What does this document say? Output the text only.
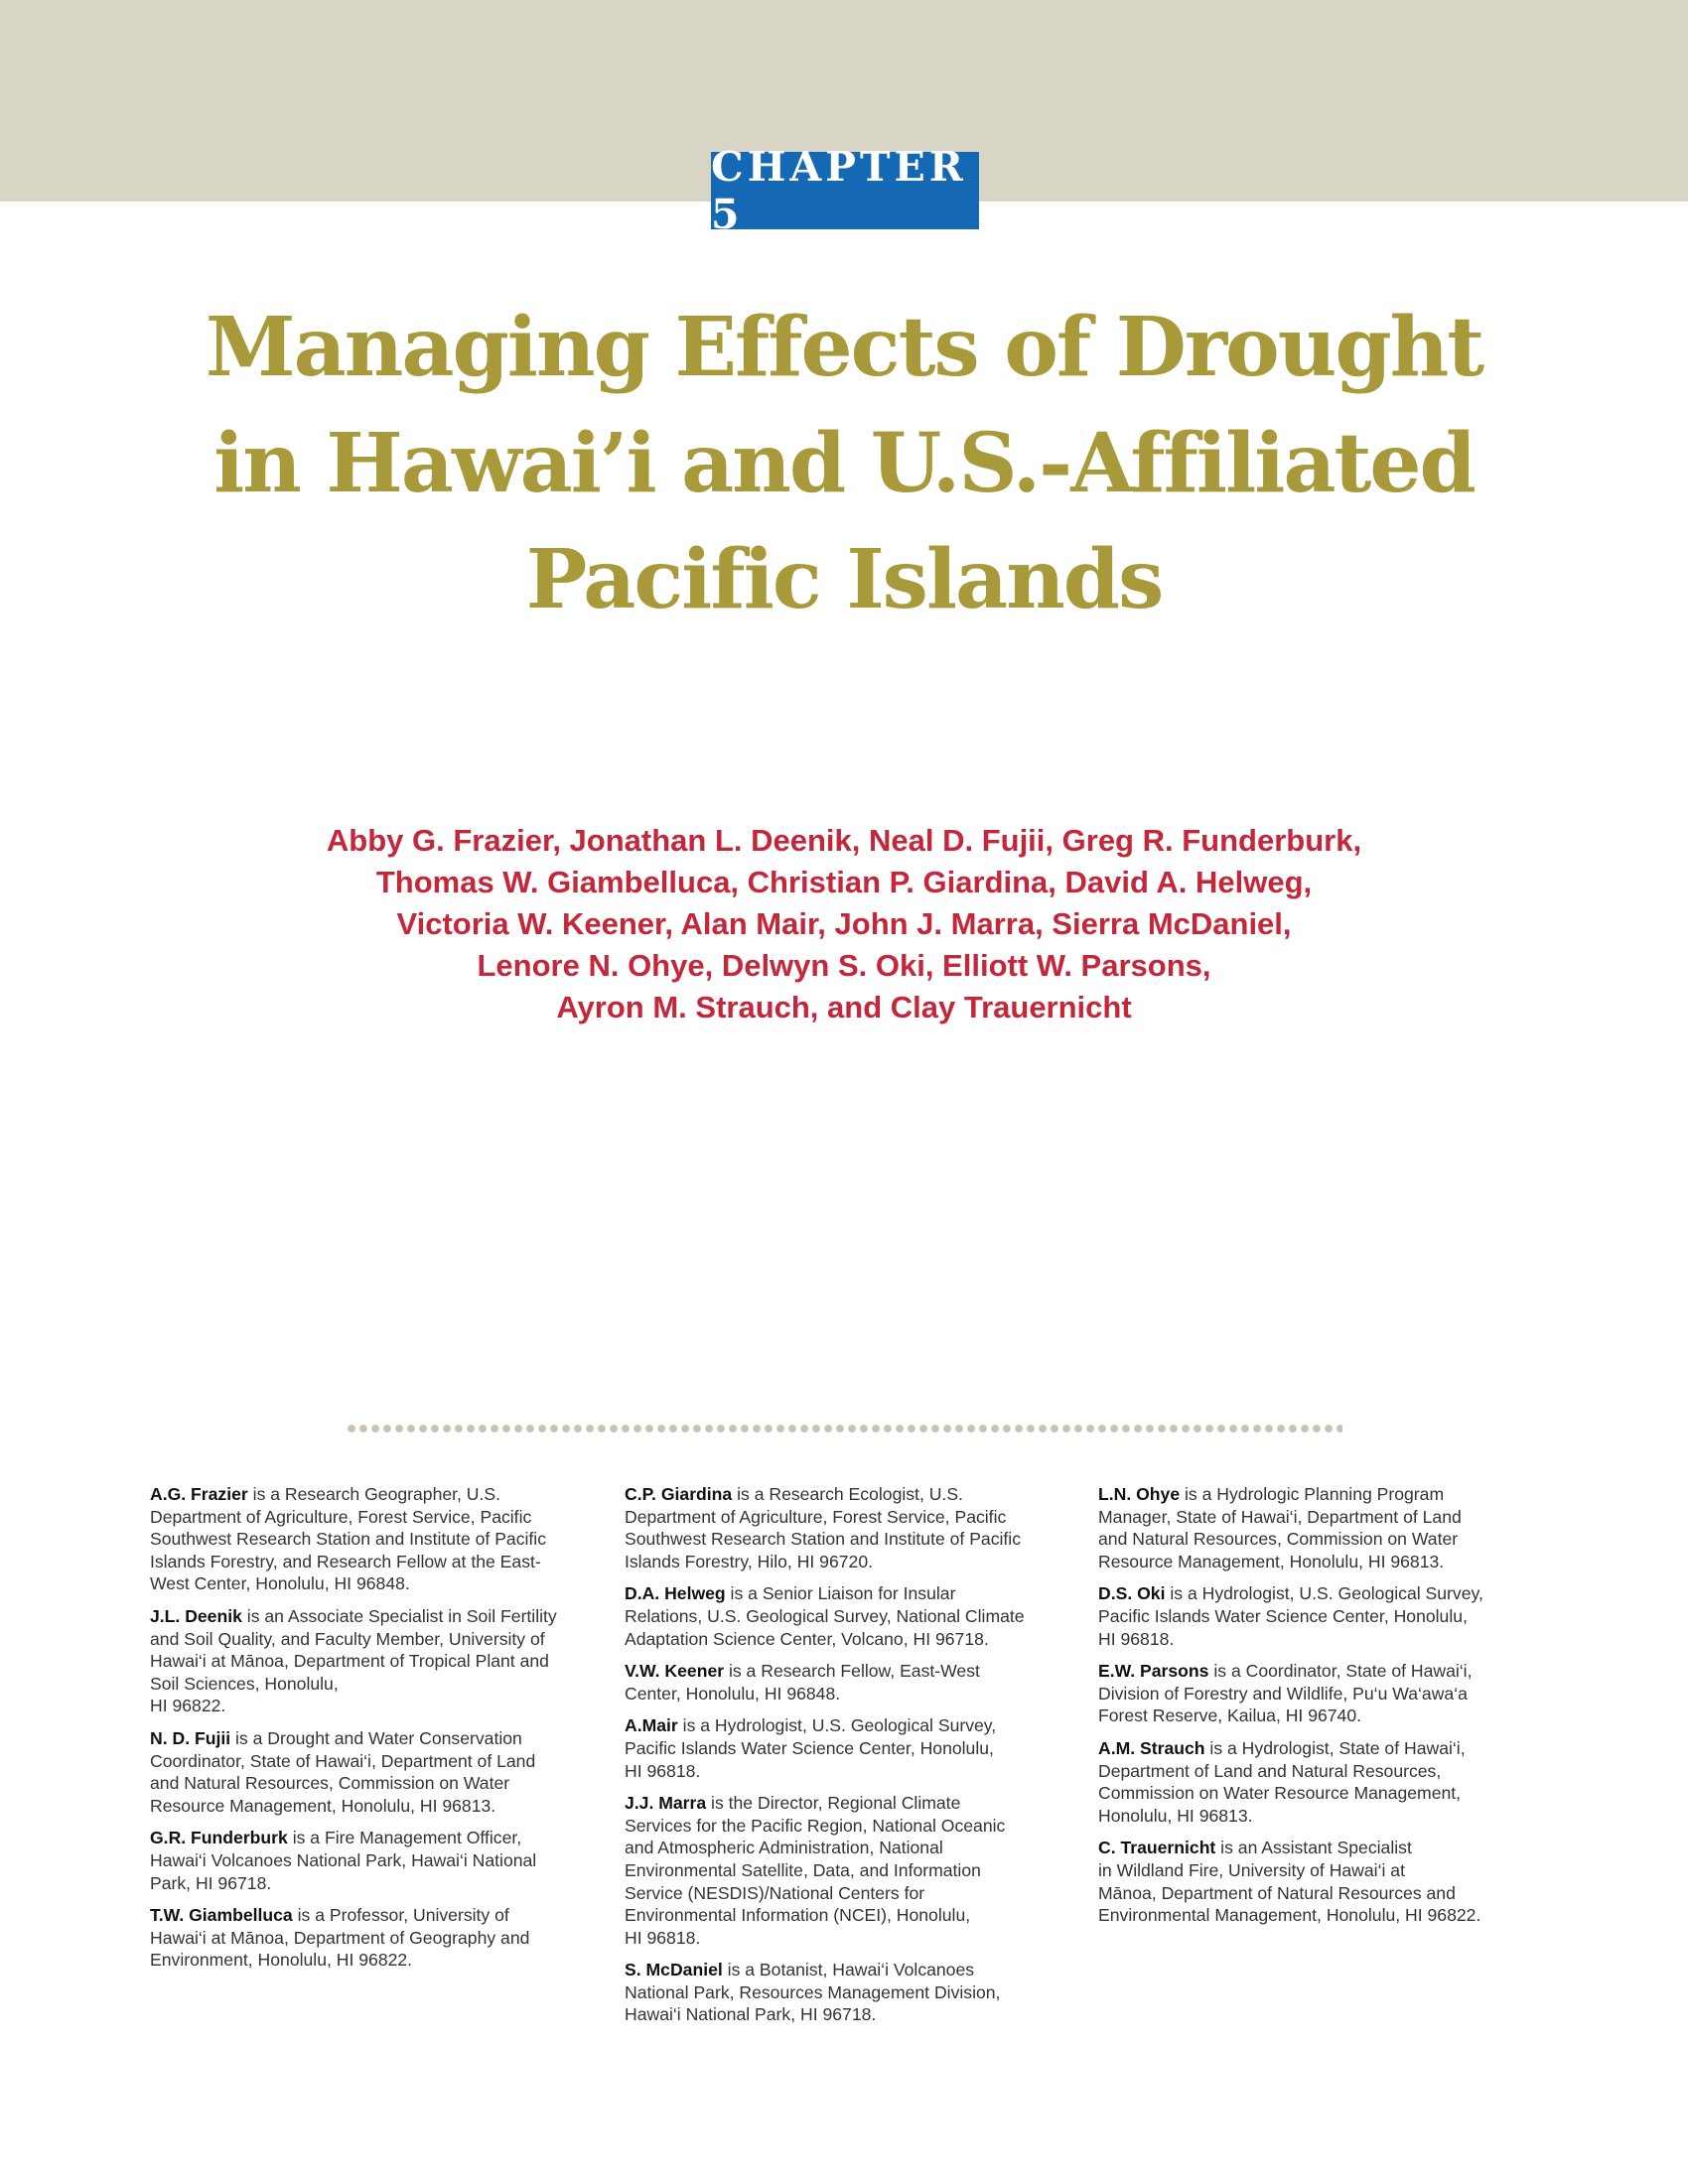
CHAPTER 5
Managing Effects of Drought
in Hawai’i and U.S.-Affiliated
Pacific Islands
Abby G. Frazier, Jonathan L. Deenik, Neal D. Fujii, Greg R. Funderburk,
Thomas W. Giambelluca, Christian P. Giardina, David A. Helweg,
Victoria W. Keener, Alan Mair, John J. Marra, Sierra McDaniel,
Lenore N. Ohye, Delwyn S. Oki, Elliott W. Parsons,
Ayron M. Strauch, and Clay Trauernicht
A.G. Frazier is a Research Geographer, U.S.
Department of Agriculture, Forest Service, Pacific
Southwest Research Station and Institute of Pacific
Islands Forestry, and Research Fellow at the East-
West Center, Honolulu, HI 96848.
J.L. Deenik is an Associate Specialist in Soil Fertility
and Soil Quality, and Faculty Member, University of
Hawai‘i at Mānoa, Department of Tropical Plant and
Soil Sciences, Honolulu,
HI 96822.
N. D. Fujii is a Drought and Water Conservation
Coordinator, State of Hawai‘i, Department of Land
and Natural Resources, Commission on Water
Resource Management, Honolulu, HI 96813.
G.R. Funderburk is a Fire Management Officer,
Hawai‘i Volcanoes National Park, Hawai‘i National
Park, HI 96718.
T.W. Giambelluca is a Professor, University of
Hawai‘i at Mānoa, Department of Geography and
Environment, Honolulu, HI 96822.
C.P. Giardina is a Research Ecologist, U.S.
Department of Agriculture, Forest Service, Pacific
Southwest Research Station and Institute of Pacific
Islands Forestry, Hilo, HI 96720.
D.A. Helweg is a Senior Liaison for Insular
Relations, U.S. Geological Survey, National Climate
Adaptation Science Center, Volcano, HI 96718.
V.W. Keener is a Research Fellow, East-West
Center, Honolulu, HI 96848.
A.Mair is a Hydrologist, U.S. Geological Survey,
Pacific Islands Water Science Center, Honolulu,
HI 96818.
J.J. Marra is the Director, Regional Climate
Services for the Pacific Region, National Oceanic
and Atmospheric Administration, National
Environmental Satellite, Data, and Information
Service (NESDIS)/National Centers for
Environmental Information (NCEI), Honolulu,
HI 96818.
S. McDaniel is a Botanist, Hawai‘i Volcanoes
National Park, Resources Management Division,
Hawai‘i National Park, HI 96718.
L.N. Ohye is a Hydrologic Planning Program
Manager, State of Hawai‘i, Department of Land
and Natural Resources, Commission on Water
Resource Management, Honolulu, HI 96813.
D.S. Oki is a Hydrologist, U.S. Geological Survey,
Pacific Islands Water Science Center, Honolulu,
HI 96818.
E.W. Parsons is a Coordinator, State of Hawai‘i,
Division of Forestry and Wildlife, Pu‘u Wa‘awa‘a
Forest Reserve, Kailua, HI 96740.
A.M. Strauch is a Hydrologist, State of Hawai‘i,
Department of Land and Natural Resources,
Commission on Water Resource Management,
Honolulu, HI 96813.
C. Trauernicht is an Assistant Specialist
in Wildland Fire, University of Hawai‘i at
Mānoa, Department of Natural Resources and
Environmental Management, Honolulu, HI 96822.
